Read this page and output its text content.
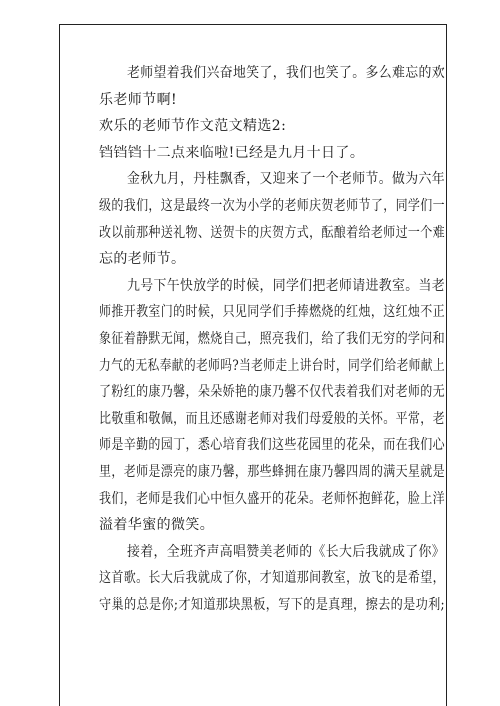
老师望着我们兴奋地笑了，我们也笑了。多么难忘的欢
乐老师节啊!
欢乐的老师节作文范文精选2:
铛铛铛十二点来临啦!已经是九月十日了。
金秋九月，丹桂飘香，又迎来了一个老师节。做为六年
级的我们，这是最终一次为小学的老师庆贺老师节了，同学们一
改以前那种送礼物、送贺卡的庆贺方式，酝酿着给老师过一个难
忘的老师节。
九号下午快放学的时候，同学们把老师请进教室。当老
师推开教室门的时候，只见同学们手捧燃烧的红烛，这红烛不正
象征着静默无闻，燃烧自己，照亮我们，给了我们无穷的学问和
力气的无私奉献的老师吗?当老师走上讲台时，同学们给老师献上
了粉红的康乃馨，朵朵娇艳的康乃馨不仅代表着我们对老师的无
比敬重和敬佩，而且还感谢老师对我们母爱般的关怀。平常，老
师是辛勤的园丁，悉心培育我们这些花园里的花朵，而在我们心
里，老师是漂亮的康乃馨，那些蜂拥在康乃馨四周的满天星就是
我们，老师是我们心中恒久盛开的花朵。老师怀抱鲜花，脸上洋
溢着华蜜的微笑。
接着，全班齐声高唱赞美老师的《长大后我就成了你》
这首歌。长大后我就成了你，才知道那间教室，放飞的是希望，
守巢的总是你;才知道那块黑板，写下的是真理，擦去的是功利;
